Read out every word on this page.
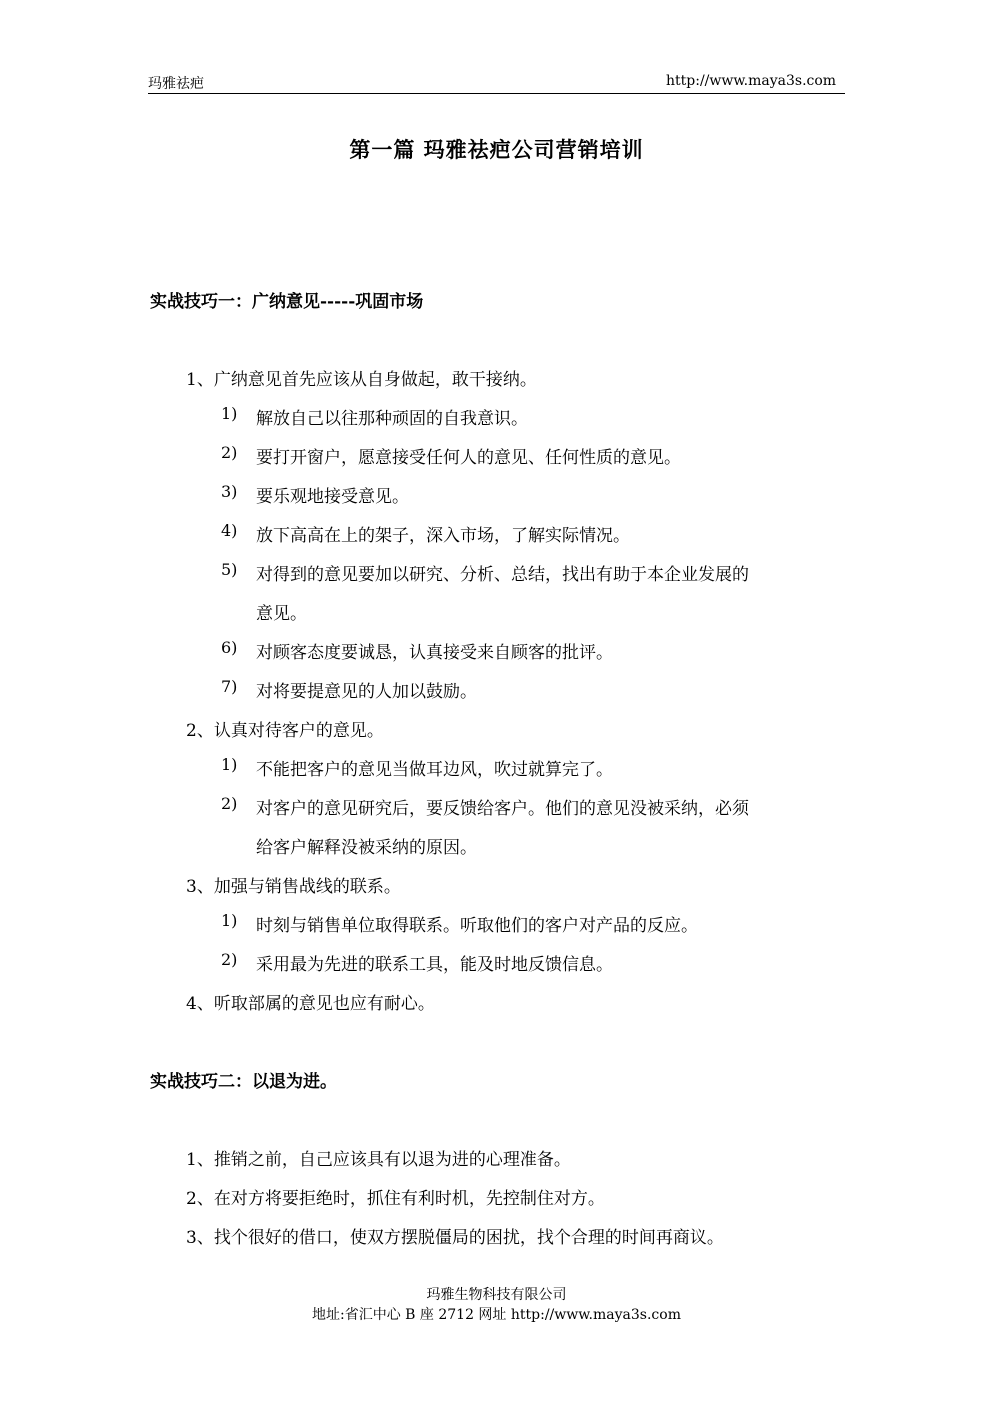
玛雅祛疤	http://www.maya3s.com
第一篇 玛雅祛疤公司营销培训
实战技巧一：广纳意见-----巩固市场
1、广纳意见首先应该从自身做起，敢干接纳。
1) 解放自己以往那种顽固的自我意识。
2) 要打开窗户，愿意接受任何人的意见、任何性质的意见。
3) 要乐观地接受意见。
4) 放下高高在上的架子，深入市场，了解实际情况。
5) 对得到的意见要加以研究、分析、总结，找出有助于本企业发展的
意见。
6) 对顾客态度要诚恳，认真接受来自顾客的批评。
7) 对将要提意见的人加以鼓励。
2、认真对待客户的意见。
1) 不能把客户的意见当做耳边风，吹过就算完了。
2) 对客户的意见研究后，要反馈给客户。他们的意见没被采纳，必须
给客户解释没被采纳的原因。
3、加强与销售战线的联系。
1) 时刻与销售单位取得联系。听取他们的客户对产品的反应。
2) 采用最为先进的联系工具，能及时地反馈信息。
4、听取部属的意见也应有耐心。
实战技巧二：以退为进。
1、推销之前，自己应该具有以退为进的心理准备。
2、在对方将要拒绝时，抓住有利时机，先控制住对方。
3、找个很好的借口，使双方摆脱僵局的困扰，找个合理的时间再商议。
玛雅生物科技有限公司
地址:省汇中心 B 座 2712 网址 http://www.maya3s.com
